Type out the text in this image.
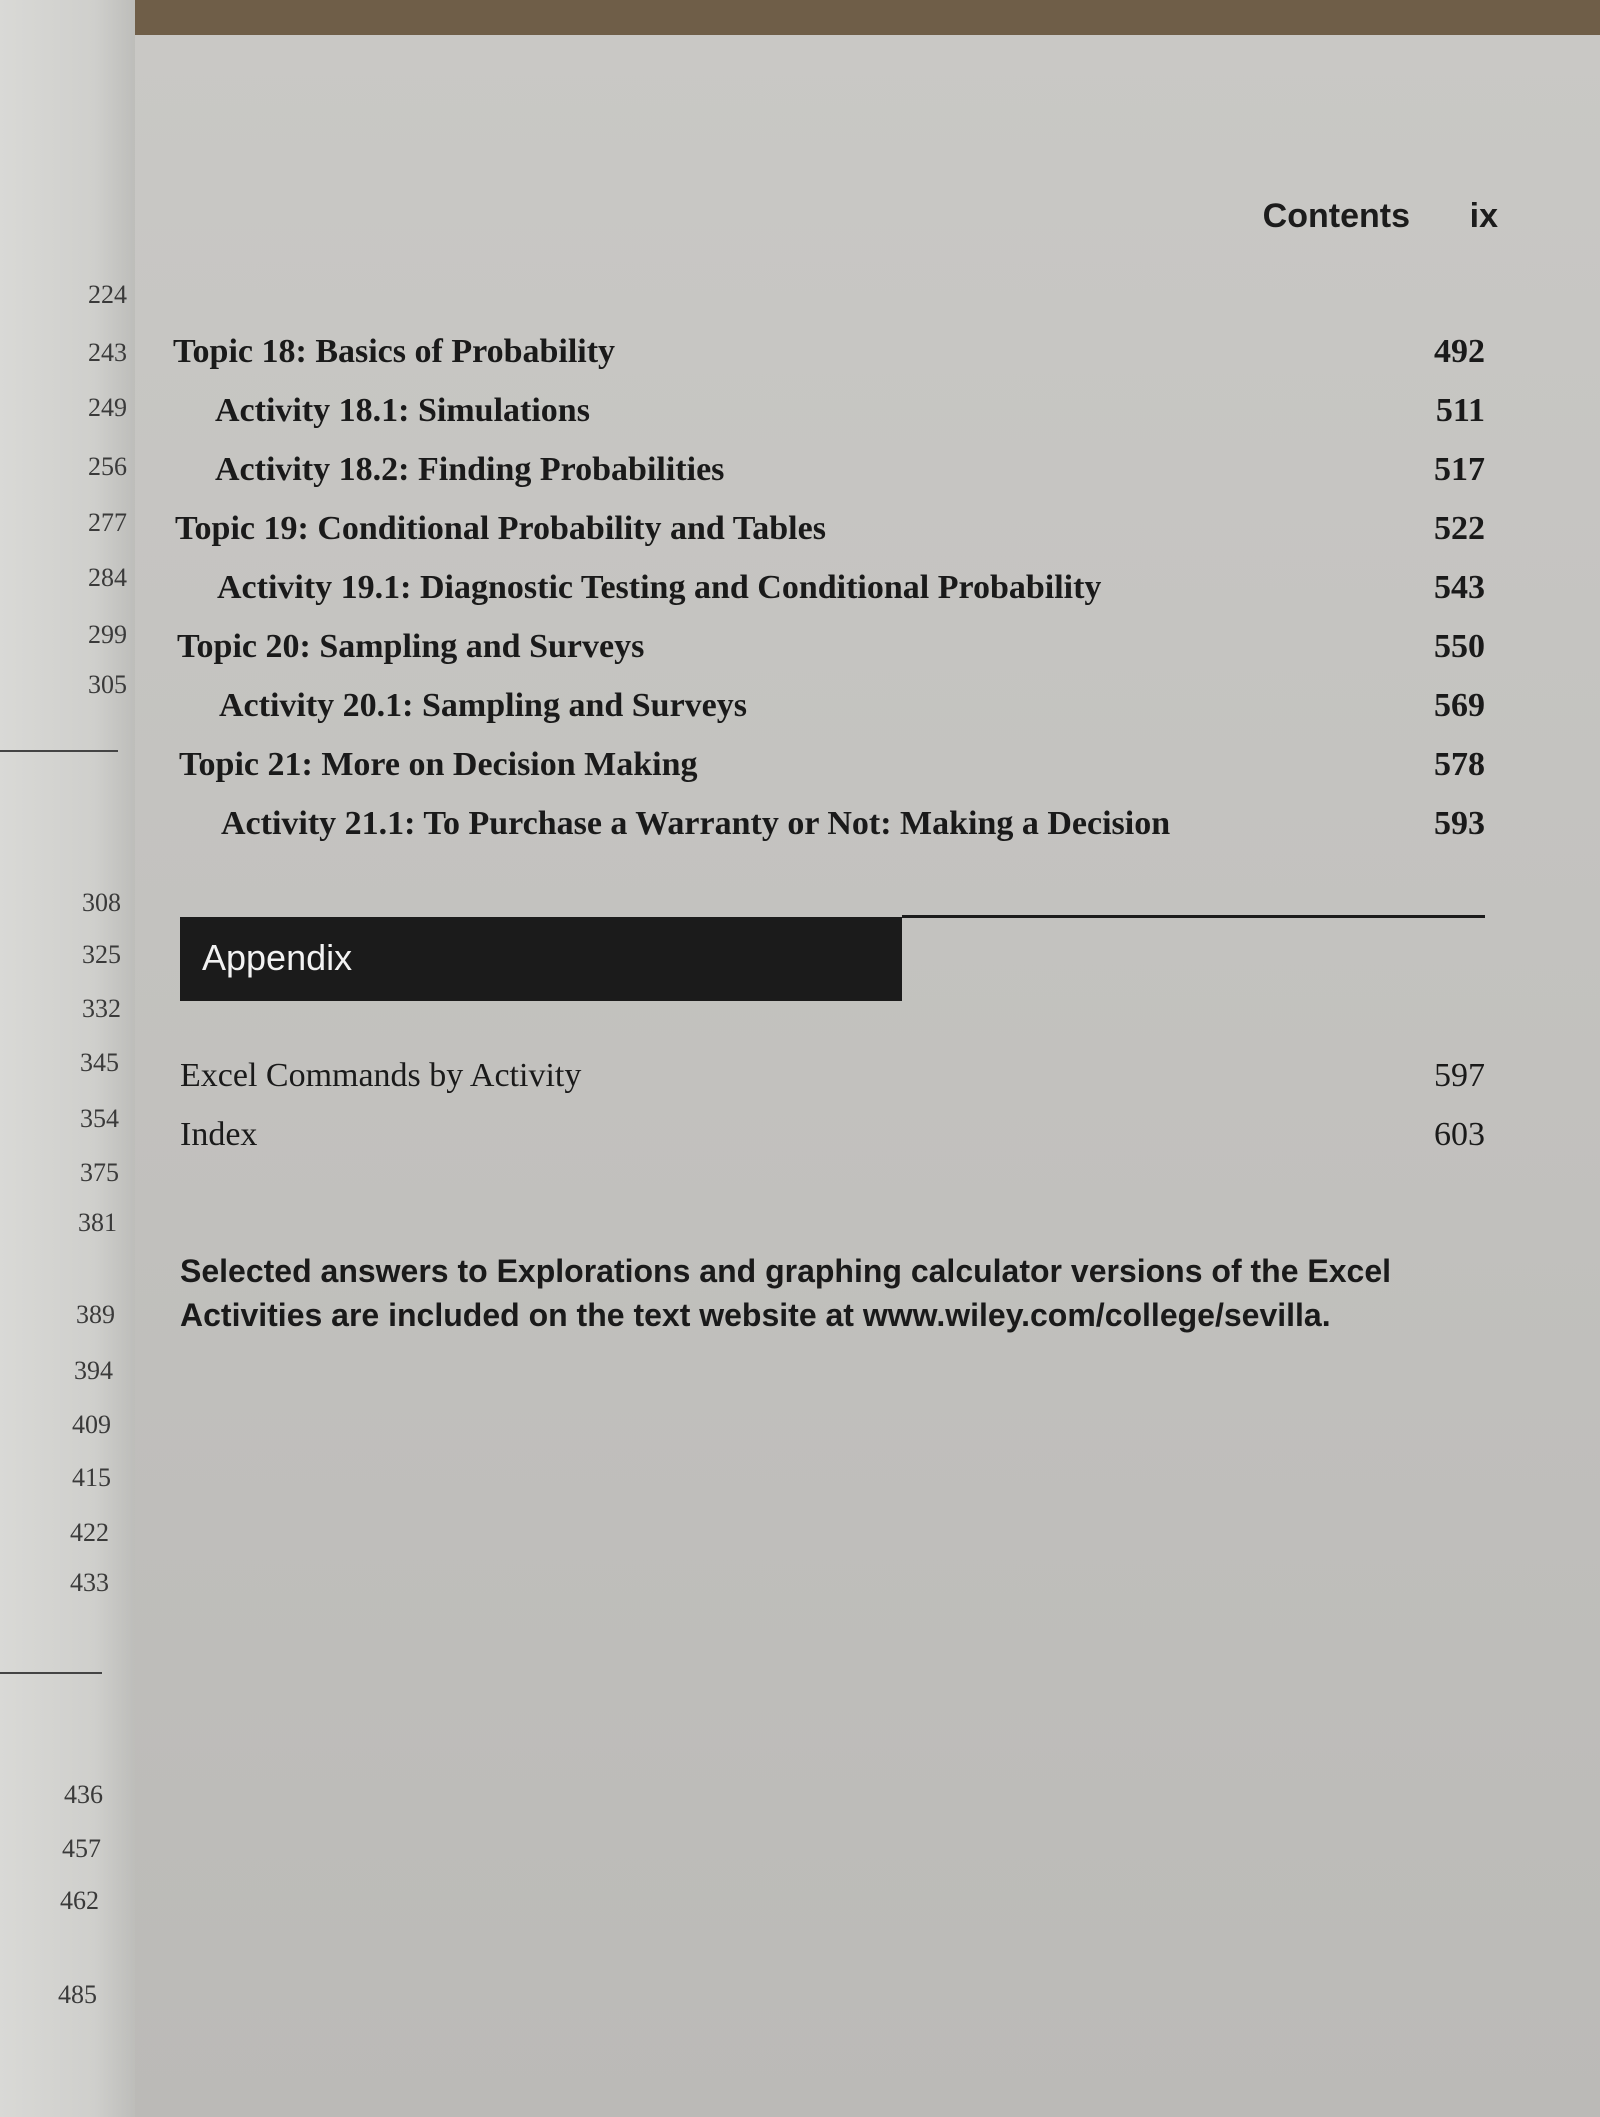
224
243
249
256
277
284
299
305
308
325
332
345
354
375
381
389
394
409
415
422
433
436
457
462
485
Contents ix
Topic 18: Basics of Probability	492
Activity 18.1: Simulations	511
Activity 18.2: Finding Probabilities	517
Topic 19: Conditional Probability and Tables	522
Activity 19.1: Diagnostic Testing and Conditional Probability	543
Topic 20: Sampling and Surveys	550
Activity 20.1: Sampling and Surveys	569
Topic 21: More on Decision Making	578
Activity 21.1: To Purchase a Warranty or Not: Making a Decision	593
Appendix
Excel Commands by Activity	597
Index	603
Selected answers to Explorations and graphing calculator versions of the Excel Activities are included on the text website at www.wiley.com/college/sevilla.
